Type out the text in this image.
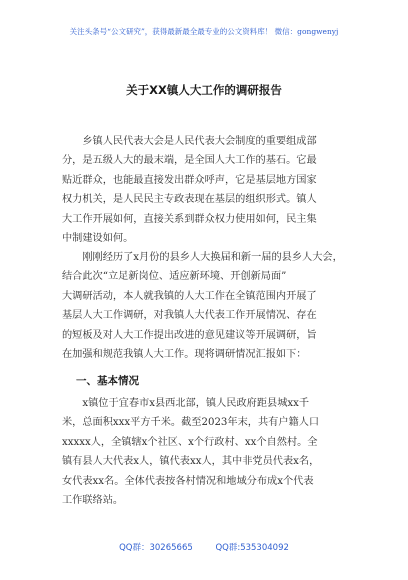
关注头条号“公文研究”，获得最新最全最专业的公文资料库！ 微信：gongwenyj
关于XX镇人大工作的调研报告
　　乡镇人民代表大会是人民代表大会制度的重要组成部
分，是五级人大的最末端，是全国人大工作的基石。它最
贴近群众，也能最直接发出群众呼声，它是基层地方国家
权力机关，是人民民主专政表现在基层的组织形式。镇人
大工作开展如何，直接关系到群众权力使用如何，民主集
中制建设如何。
　　刚刚经历了x月份的县乡人大换届和新一届的县乡人大会，
结合此次“立足新岗位、适应新环境、开创新局面”
大调研活动，本人就我镇的人大工作在全镇范围内开展了
基层人大工作调研，对我镇人大代表工作开展情况、存在
的短板及对人大工作提出改进的意见建议等开展调研，旨
在加强和规范我镇人大工作。现将调研情况汇报如下：
一、基本情况
　　x镇位于宜春市x县西北部，镇人民政府距县城xx千
米，总面积xxx平方千米。截至2023年末，共有户籍人口
xxxxx人，全镇辖x个社区、x个行政村、xx个自然村。全
镇有县人大代表x人，镇代表xx人，其中非党员代表x名，
女代表xx名。全体代表按各村情况和地域分布成x个代表
工作联络站。
QQ群：30265665	QQ群:535304092
